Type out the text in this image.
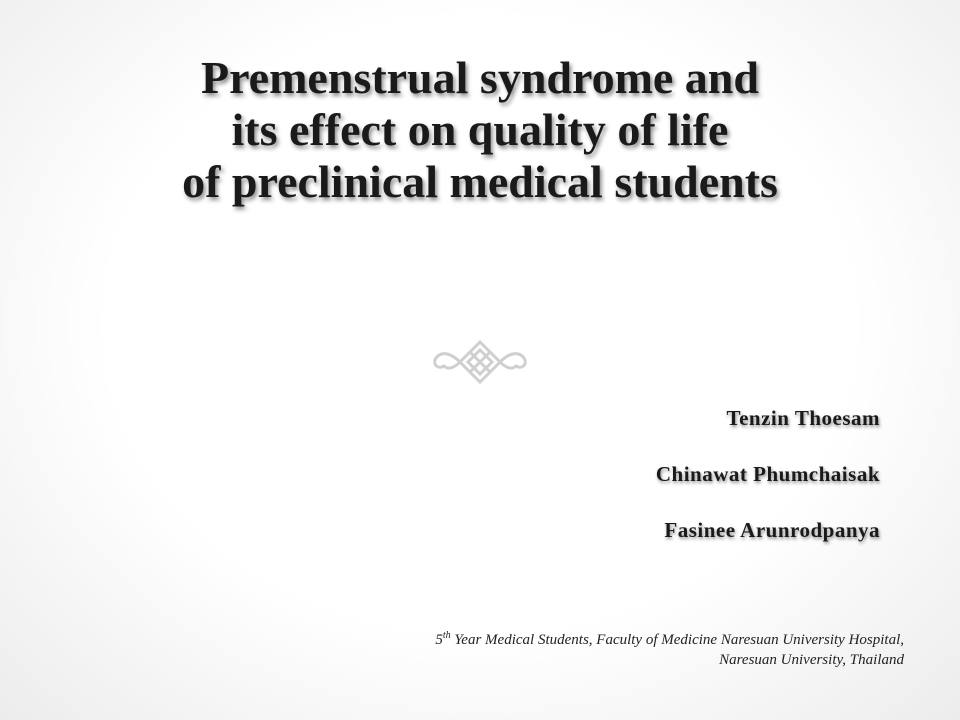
Premenstrual syndrome and
its effect on quality of life
of preclinical medical students
Tenzin Thoesam
Chinawat Phumchaisak
Fasinee Arunrodpanya
5th Year Medical Students, Faculty of Medicine Naresuan University Hospital,
Naresuan University, Thailand
